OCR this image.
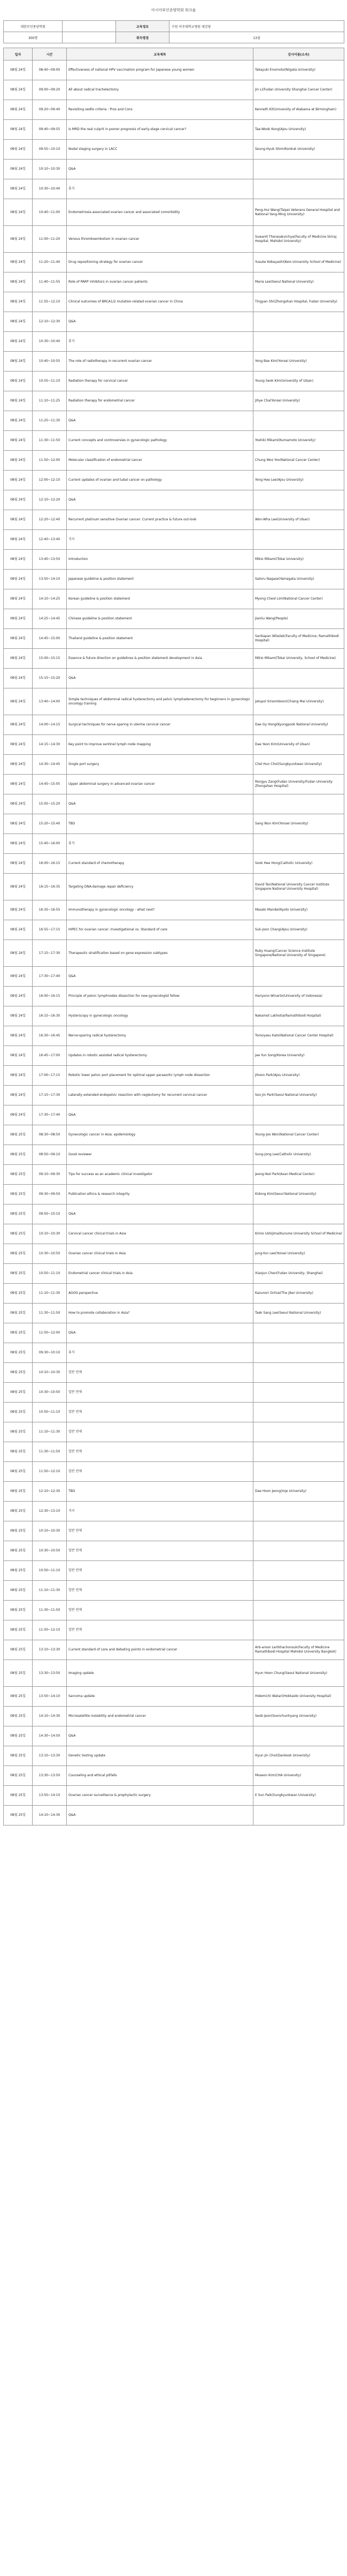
아시아부인종양학회 워크숍
대한부인종양학회		교육정보	수원 아주대학교병원 대강당
300명		취득평점	13점
일자	시간	교육제목	강사이름(소속)
08월 24일	08:40~09:00	Effectiveness of national HPV vaccination program for Japanese young women	Takayuki Enomoto(Niigata University)
08월 24일	09:00~09:20	All about radical trachelectomy	Jin Li(Fudan University Shanghai Cancer Center)
08월 24일	09:20~09:40	Revisiting sedlis criteria : Pros and Cons	Kenneth Kit(University of Alabama at Birmingham)
08월 24일	09:40~09:55	Is MRD the real culprit in poorer prognosis of early-stage cervical cancer?	Tae-Wook Kong(Ajou University)
08월 24일	09:55~10:10	Nodal staging surgery in LACC	Seung-Hyuk Shim(Konkuk University)
08월 24일	10:10~10:30	Q&A	
08월 24일	10:30~10:40	휴식	
08월 24일	10:40~11:00	Endometriosis-associated ovarian cancer and associated comorbidity	Peng-Hui Wang(Taipei Veterans General Hospital and National Yang-Ming University)
08월 24일	11:00~11:20	Venous thromboembolism in ovarian cancer	Suwanit Therasakvichya(Faculty of Medicine Siriraj Hospital, Mahidol University)
08월 24일	11:20~11:40	Drug repositioning strategy for ovarian cancer	Yusuke Kobayashi(Keio University School of Medicine)
08월 24일	11:40~11:55	Role of PARP inhibitors in ovarian cancer patients	Maria Lee(Seoul National University)
08월 24일	11:55~12:10	Clinical outcomes of BRCA1/2 mutation-related ovarian cancer in China	Tingyan Shi(Zhongshan Hospital, Fudan University)
08월 24일	12:10~12:30	Q&A	
08월 24일	10:30~10:40	휴식	
08월 24일	10:40~10:55	The role of radiotherapy in recurrent ovarian cancer	Yong Bae Kim(Yonsei University)
08월 24일	10:55~11:10	Radiation therapy for cervical cancer	Young Seok Kim(University of Ulsan)
08월 24일	11:10~11:25	Radiation therapy for endometrial cancer	Jihye Cha(Yonsei University)
08월 24일	11:25~11:30	Q&A	
08월 24일	11:30~11:50	Current concepts and controversies in gynecologic pathology	Yoshiki Mikami(Kumamoto University)
08월 24일	11:50~12:00	Molecular classification of endometrial cancer	Chung Woo Yoo(National Cancer Center)
08월 24일	12:00~12:10	Current updates of ovarian and tubal cancer on pathology	Yong Hee Lee(Ajou University)
08월 24일	12:10~12:20	Q&A	
08월 24일	12:20~12:40	Recurrent platinum sensitive Ovarian cancer: Current practice & future out-look	Won-Wha Lee(University of Ulsan)
08월 24일	12:40~13:40	식사	
08월 24일	13:40~13:50	Introduction	Mikio Mikami(Tokai University)
08월 24일	13:50~14:10	Japanese guideline & position statement	Satoru Nagase(Yamagata University)
08월 24일	14:10~14:25	Korean guideline & position statement	Myong Cheol Lim(National Cancer Center)
08월 24일	14:25~14:45	Chinese guideline & position statement	Jianliu Wang(People)
08월 24일	14:45~15:00	Thailand guideline & position statement	Sarikapan Wilailak(Faculty of Medicine, Ramathibodi Hospital)
08월 24일	15:00~15:15	Essence & future direction on guidelines & position statement development in Asia	Mikio Mikami(Tokai University, School of Medicine)
08월 24일	15:15~15:20	Q&A	
08월 24일	13:40~14:00	Simple techniques of abdominal radical hysterectomy and pelvic lymphadenectomy for beginners in gynecologic oncology training	Jatupol Srisomboon(Chiang Mai University)
08월 24일	14:00~14:15	Surgical techniques for nerve sparing in uterine cervical cancer	Dae Gy Hong(Kyungpook National University)
08월 24일	14:15~14:30	Key point to improve sentinel lymph node mapping	Dae Yeon Kim(University of Ulsan)
08월 24일	14:30~14:45	Single port surgery	Chel Hun Choi(Sungkyunkwan University)
08월 24일	14:45~15:05	Upper abdominal surgery in advanced ovarian cancer	Rongyu Zang(Fudan University/Fudan University Zhongshan Hospital)
08월 24일	15:05~15:20	Q&A	
08월 24일	15:20~15:40	TBD	Sang Wun Kim(Yonsei University)
08월 24일	15:40~16:00	휴식	
08월 24일	16:00~16:15	Current standard of chemotherapy	Sook Hee Hong(Catholic University)
08월 24일	16:15~16:35	Targeting DNA-damage repair deficiency	David Tan(National University Cancer Institute Singapore National University Hospital)
08월 24일	16:35~16:55	Immunotherapy in gynecologic oncology - what next?	Masaki Mandai(Kyoto University)
08월 24일	16:55~17:15	HIPEC for ovarian cancer: Investigational vs. Standard of care	Suk-Joon Chang(Ajou University)
08월 24일	17:15~17:30	Therapeutic stratification based on gene expression subtypes	Ruby Huang(Cancer Science Institute Singapore/National University of Singapore)
08월 24일	17:30~17:40	Q&A	
08월 24일	16:00~16:15	Principle of pelvic lymphnodes dissection for new gynecologist fellow	Hariyono Winarto(University of Indonesia)
08월 24일	16:15~16:30	Hysterscopy in gynecologic oncology	Nakamot Lakhotia(Ramathibodi Hospital)
08월 24일	16:30~16:45	Nerve-sparing radical hysterectomy	Tomoyasu Kato(National Cancer Center Hospital)
08월 24일	16:45~17:00	Updates in robotic assisted radical hysterectomy	Jae Yun Song(Korea University)
08월 24일	17:00~17:15	Robotic lower pelvic port placement for optimal upper paraaortic lymph node dissection	Jihoon Park(Ajou University)
08월 24일	17:15~17:30	Laterally extended endopelvic resection with neglectomy for recurrent cervical cancer	Soo Jin Park(Seoul National University)
08월 24일	17:30~17:40	Q&A	
08월 25일	08:30~08:50	Gynecologic cancer in Asia: epidemiology	Young-Joo Won(National Cancer Center)
08월 25일	08:50~09:10	Good reviewer	Sung-Jong Lee(Catholic University)
08월 25일	09:10~09:30	Tips for success as an academic clinical investigator	Jeong-Yeol Park(Asan Medical Center)
08월 25일	09:30~09:50	Publication ethics & research integrity	Kidong Kim(Seoul National University)
08월 25일	09:50~10:10	Q&A	
08월 25일	10:10~10:30	Cervical cancer clinical trials in Asia	Kimio Ushijima(Kurume University School of Medicine)
08월 25일	10:30~10:50	Ovarian cancer clinical trials in Asia	Jung-Yun Lee(Yonsei University)
08월 25일	10:50~11:10	Endometrial cancer clinical trials in Asia	Xiaojun Chen(Fudan University, Shanghai)
08월 25일	11:10~11:30	AGOG perspective	Kazunori Ochiai(The Jikei University)
08월 25일	11:30~11:50	How to promote collaboration in Asia?	Taek Sang Lee(Seoul National University)
08월 25일	11:50~12:00	Q&A	
08월 25일	09:30~10:10	휴식	
08월 25일	10:10~10:30	일반 연제	
08월 25일	10:30~10:50	일반 연제	
08월 25일	10:50~11:10	일반 연제	
08월 25일	11:10~11:30	일반 연제	
08월 25일	11:30~11:50	일반 연제	
08월 25일	11:50~12:10	일반 연제	
08월 25일	12:10~12:30	TBD	Dae Hoon Jeong(Inje University)
08월 25일	12:30~13:10	식사	
08월 25일	10:10~10:30	일반 연제	
08월 25일	10:30~10:50	일반 연제	
08월 25일	10:50~11:10	일반 연제	
08월 25일	11:10~11:30	일반 연제	
08월 25일	11:30~11:50	일반 연제	
08월 25일	11:50~12:10	일반 연제	
08월 25일	13:10~13:30	Current standard of care and debating points in endometrial cancer	Arb-aroon Lertkhachonsuk(Faculty of Medicine Ramathibodi Hospital Mahidol University Bangkok)
08월 25일	13:30~13:50	Imaging update	Hyun Hoon Chung(Seoul National University)
08월 25일	13:50~14:10	Sarcoma update	Hidemichi Watari(Hokkaido University Hospital)
08월 25일	14:10~14:30	Microsatellite instability and endometrial cancer	Seob Jeon(Soonchunhyang University)
08월 25일	14:30~14:50	Q&A	
08월 25일	13:10~13:30	Genetic testing update	Hyun Jin Choi(Dankook University)
08월 25일	13:30~13:50	Counseling and ethical pitfalls	Moseon Kim(CHA University)
08월 25일	13:50~14:10	Ovarian cancer surveillance & prophylactic surgery	E Sun Paik(Sungkyunkwan University)
08월 25일	14:10~14:30	Q&A	
